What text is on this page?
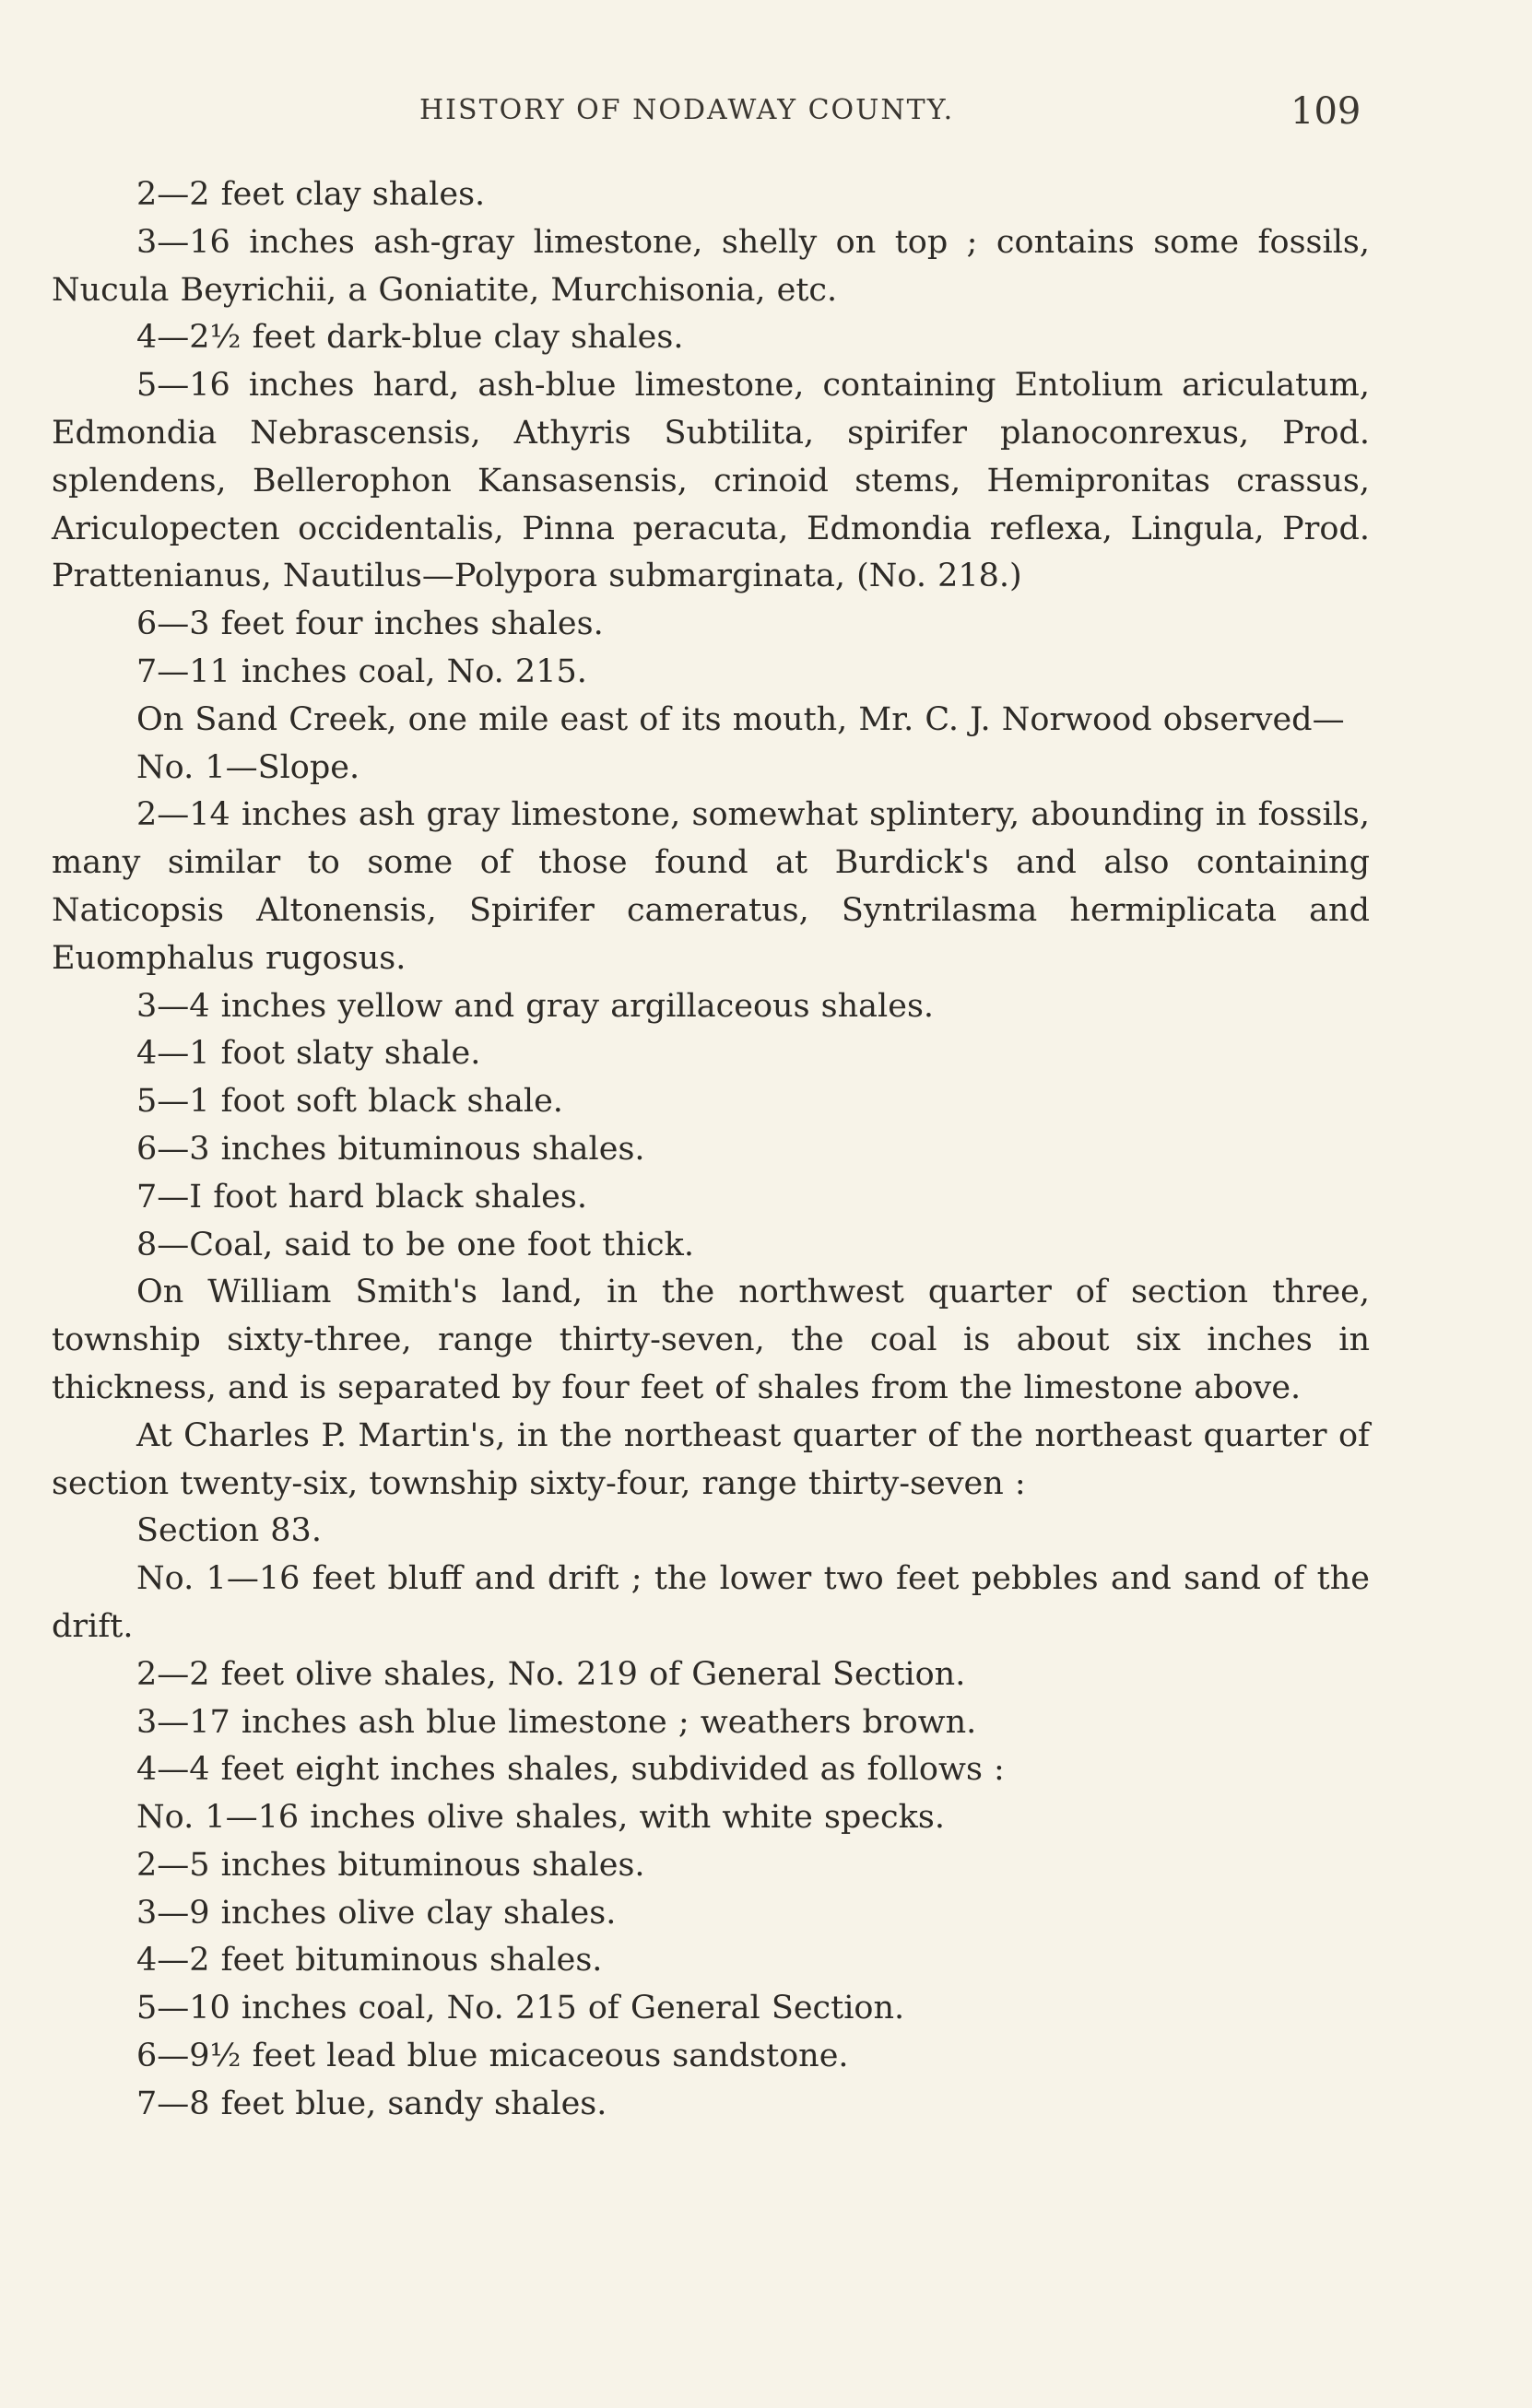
HISTORY OF NODAWAY COUNTY.	109

2—2 feet clay shales.

3—16 inches ash-gray limestone, shelly on top ; contains some fossils, Nucula Beyrichii, a Goniatite, Murchisonia, etc.

4—2½ feet dark-blue clay shales.

5—16 inches hard, ash-blue limestone, containing Entolium ariculatum, Edmondia Nebrascensis, Athyris Subtilita, spirifer planoconrexus, Prod. splendens, Bellerophon Kansasensis, crinoid stems, Hemipronitas crassus, Ariculopecten occidentalis, Pinna peracuta, Edmondia reflexa, Lingula, Prod. Prattenianus, Nautilus—Polypora submarginata, (No. 218.)

6—3 feet four inches shales.

7—11 inches coal, No. 215.

On Sand Creek, one mile east of its mouth, Mr. C. J. Norwood observed—

No. 1—Slope.

2—14 inches ash gray limestone, somewhat splintery, abounding in fossils, many similar to some of those found at Burdick's and also containing Naticopsis Altonensis, Spirifer cameratus, Syntrilasma hermiplicata and Euomphalus rugosus.

3—4 inches yellow and gray argillaceous shales.

4—1 foot slaty shale.

5—1 foot soft black shale.

6—3 inches bituminous shales.

7—I foot hard black shales.

8—Coal, said to be one foot thick.

On William Smith's land, in the northwest quarter of section three, township sixty-three, range thirty-seven, the coal is about six inches in thickness, and is separated by four feet of shales from the limestone above.

At Charles P. Martin's, in the northeast quarter of the northeast quarter of section twenty-six, township sixty-four, range thirty-seven :

Section 83.

No. 1—16 feet bluff and drift ; the lower two feet pebbles and sand of the drift.

2—2 feet olive shales, No. 219 of General Section.

3—17 inches ash blue limestone ; weathers brown.

4—4 feet eight inches shales, subdivided as follows :

No. 1—16 inches olive shales, with white specks.

2—5 inches bituminous shales.

3—9 inches olive clay shales.

4—2 feet bituminous shales.

5—10 inches coal, No. 215 of General Section.

6—9½ feet lead blue micaceous sandstone.

7—8 feet blue, sandy shales.
